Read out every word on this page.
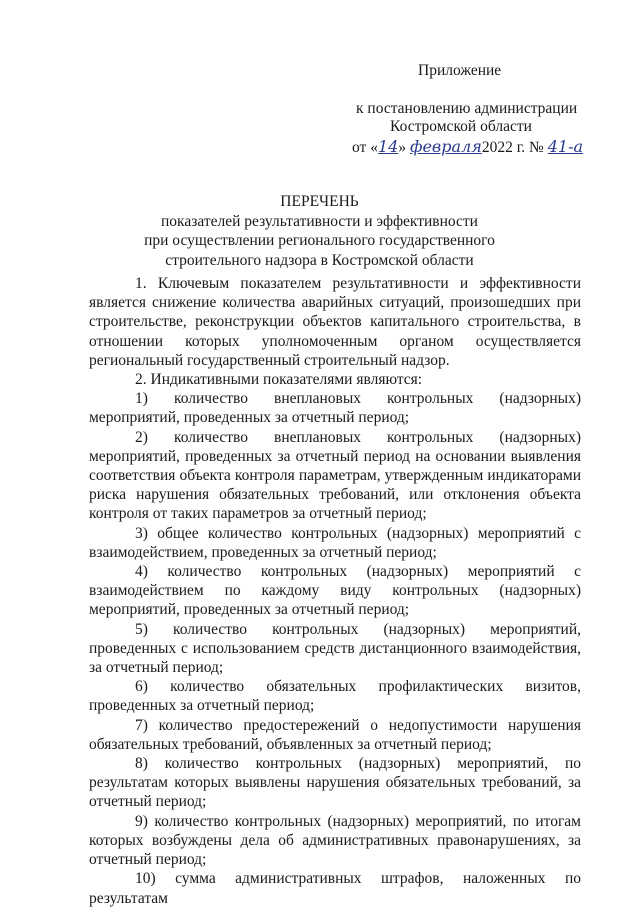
Приложение
к постановлению администрации
Костромской области
от «14» февраля2022 г. № 41-а
ПЕРЕЧЕНЬ
показателей результативности и эффективности
при осуществлении регионального государственного
строительного надзора в Костромской области

1. Ключевым показателем результативности и эффективности является снижение количества аварийных ситуаций, произошедших при строительстве, реконструкции объектов капитального строительства, в отношении которых уполномоченным органом осуществляется региональный государственный строительный надзор.

2. Индикативными показателями являются:

1) количество внеплановых контрольных (надзорных) мероприятий, проведенных за отчетный период;

2) количество внеплановых контрольных (надзорных) мероприятий, проведенных за отчетный период на основании выявления соответствия объекта контроля параметрам, утвержденным индикаторами риска нарушения обязательных требований, или отклонения объекта контроля от таких параметров за отчетный период;

3) общее количество контрольных (надзорных) мероприятий с взаимодействием, проведенных за отчетный период;

4) количество контрольных (надзорных) мероприятий с взаимодействием по каждому виду контрольных (надзорных) мероприятий, проведенных за отчетный период;

5) количество контрольных (надзорных) мероприятий, проведенных с использованием средств дистанционного взаимодействия, за отчетный период;

6) количество обязательных профилактических визитов, проведенных за отчетный период;

7) количество предостережений о недопустимости нарушения обязательных требований, объявленных за отчетный период;

8) количество контрольных (надзорных) мероприятий, по результатам которых выявлены нарушения обязательных требований, за отчетный период;

9) количество контрольных (надзорных) мероприятий, по итогам которых возбуждены дела об административных правонарушениях, за отчетный период;

10) сумма административных штрафов, наложенных по результатам
